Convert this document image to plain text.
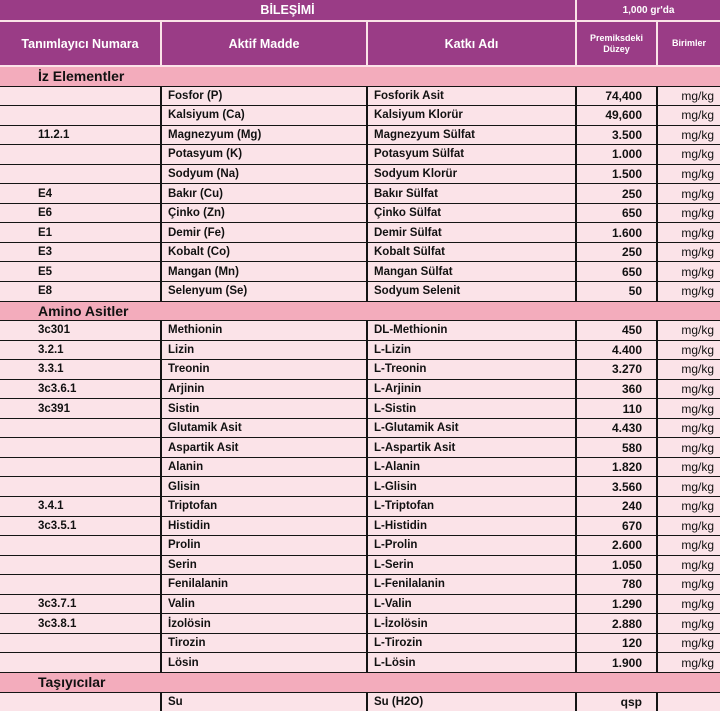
BİLEŞİMİ			1,000 gr'da	
Tanımlayıcı Numara	Aktif Madde	Katkı Adı	Premiksdeki Düzey	Birimler
İz Elementler				
	Fosfor (P)	Fosforik Asit	74,400	mg/kg
	Kalsiyum (Ca)	Kalsiyum Klorür	49,600	mg/kg
11.2.1	Magnezyum (Mg)	Magnezyum Sülfat	3.500	mg/kg
	Potasyum (K)	Potasyum Sülfat	1.000	mg/kg
	Sodyum (Na)	Sodyum Klorür	1.500	mg/kg
E4	Bakır (Cu)	Bakır Sülfat	250	mg/kg
E6	Çinko (Zn)	Çinko Sülfat	650	mg/kg
E1	Demir (Fe)	Demir Sülfat	1.600	mg/kg
E3	Kobalt (Co)	Kobalt Sülfat	250	mg/kg
E5	Mangan (Mn)	Mangan Sülfat	650	mg/kg
E8	Selenyum (Se)	Sodyum Selenit	50	mg/kg
Amino Asitler				
3c301	Methionin	DL-Methionin	450	mg/kg
3.2.1	Lizin	L-Lizin	4.400	mg/kg
3.3.1	Treonin	L-Treonin	3.270	mg/kg
3c3.6.1	Arjinin	L-Arjinin	360	mg/kg
3c391	Sistin	L-Sistin	110	mg/kg
	Glutamik Asit	L-Glutamik Asit	4.430	mg/kg
	Aspartik Asit	L-Aspartik Asit	580	mg/kg
	Alanin	L-Alanin	1.820	mg/kg
	Glisin	L-Glisin	3.560	mg/kg
3.4.1	Triptofan	L-Triptofan	240	mg/kg
3c3.5.1	Histidin	L-Histidin	670	mg/kg
	Prolin	L-Prolin	2.600	mg/kg
	Serin	L-Serin	1.050	mg/kg
	Fenilalanin	L-Fenilalanin	780	mg/kg
3c3.7.1	Valin	L-Valin	1.290	mg/kg
3c3.8.1	İzolösin	L-İzolösin	2.880	mg/kg
	Tirozin	L-Tirozin	120	mg/kg
	Lösin	L-Lösin	1.900	mg/kg
Taşıyıcılar				
	Su	Su (H2O)	qsp	
